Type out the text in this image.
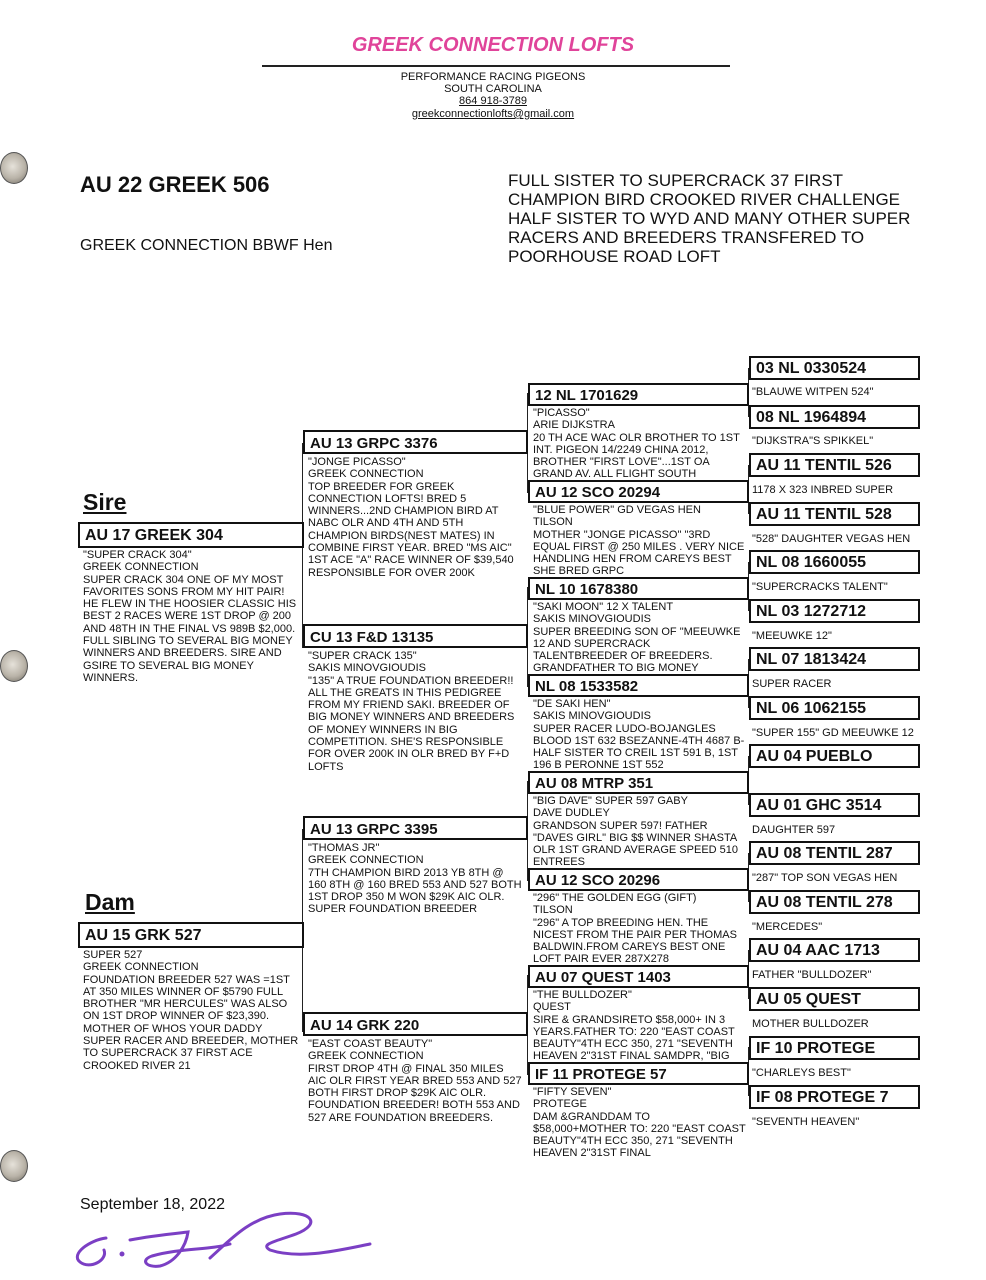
GREEK CONNECTION LOFTS
PERFORMANCE RACING PIGEONS
SOUTH CAROLINA
864 918-3789
greekconnectionlofts@gmail.com
AU 22 GREEK 506
GREEK CONNECTION BBWF Hen
FULL SISTER TO SUPERCRACK 37 FIRST CHAMPION BIRD CROOKED RIVER CHALLENGE HALF SISTER TO WYD AND MANY OTHER SUPER RACERS AND BREEDERS TRANSFERED TO POORHOUSE ROAD LOFT
Sire
Dam
AU 17 GREEK 304
"SUPER CRACK 304"
GREEK CONNECTION
SUPER CRACK 304 ONE OF MY MOST FAVORITES SONS FROM MY HIT PAIR! HE FLEW IN THE HOOSIER CLASSIC HIS BEST 2 RACES WERE 1ST DROP @ 200 AND 48TH IN THE FINAL VS 989B $2,000. FULL SIBLING TO SEVERAL BIG MONEY WINNERS AND BREEDERS. SIRE AND GSIRE TO SEVERAL BIG MONEY WINNERS.
AU 15 GRK 527
SUPER 527
GREEK CONNECTION
FOUNDATION BREEDER 527 WAS =1ST AT 350 MILES WINNER OF $5790 FULL BROTHER "MR HERCULES" WAS ALSO ON 1ST DROP WINNER OF $23,390. MOTHER OF WHOS YOUR DADDY SUPER RACER AND BREEDER, MOTHER TO SUPERCRACK 37 FIRST ACE CROOKED RIVER 21
AU 13 GRPC 3376
"JONGE PICASSO"
GREEK CONNECTION
TOP BREEDER FOR GREEK CONNECTION LOFTS! BRED 5 WINNERS...2ND CHAMPION BIRD AT NABC OLR AND 4TH AND 5TH CHAMPION BIRDS(NEST MATES) IN COMBINE FIRST YEAR. BRED "MS AIC" 1ST ACE "A" RACE WINNER OF $39,540 RESPONSIBLE FOR OVER 200K
CU 13 F&D 13135
"SUPER CRACK 135"
SAKIS MINOVGIOUDIS
"135" A TRUE FOUNDATION BREEDER!! ALL THE GREATS IN THIS PEDIGREE FROM MY FRIEND SAKI. BREEDER OF BIG MONEY WINNERS AND BREEDERS OF MONEY WINNERS IN BIG COMPETITION. SHE'S RESPONSIBLE FOR OVER 200K IN OLR BRED BY F+D LOFTS
AU 13 GRPC 3395
"THOMAS JR"
GREEK CONNECTION
7TH CHAMPION BIRD 2013 YB 8TH @ 160 8TH @ 160 BRED 553 AND 527 BOTH 1ST DROP 350 M WON $29K AIC OLR. SUPER FOUNDATION BREEDER
AU 14 GRK 220
"EAST COAST BEAUTY"
GREEK CONNECTION
FIRST DROP 4TH @ FINAL 350 MILES AIC OLR FIRST YEAR BRED 553 AND 527 BOTH FIRST DROP $29K AIC OLR. FOUNDATION BREEDER! BOTH 553 AND 527 ARE FOUNDATION BREEDERS.
12 NL 1701629
"PICASSO"
ARIE DIJKSTRA
20 TH ACE WAC OLR BROTHER TO 1ST INT. PIGEON 14/2249 CHINA 2012, BROTHER "FIRST LOVE"...1ST OA GRAND AV. ALL FLIGHT SOUTH
AU 12 SCO 20294
"BLUE POWER" GD VEGAS HEN
TILSON
MOTHER "JONGE PICASSO" "3RD EQUAL FIRST @ 250 MILES . VERY NICE HANDLING HEN FROM CAREYS BEST SHE BRED GRPC
NL 10 1678380
"SAKI MOON" 12 X TALENT
SAKIS MINOVGIOUDIS
SUPER BREEDING SON OF "MEEUWKE 12 AND SUPERCRACK TALENTBREEDER OF BREEDERS. GRANDFATHER TO BIG MONEY
NL 08 1533582
"DE SAKI HEN"
SAKIS MINOVGIOUDIS
SUPER RACER LUDO-BOJANGLES BLOOD 1ST 632 BSEZANNE-4TH 4687 B- HALF SISTER TO CREIL 1ST 591 B, 1ST 196 B PERONNE 1ST 552
AU 08 MTRP 351
"BIG DAVE" SUPER 597 GABY
DAVE DUDLEY
GRANDSON SUPER 597! FATHER "DAVES GIRL" BIG $$ WINNER SHASTA OLR 1ST GRAND AVERAGE SPEED 510 ENTREES
AU 12 SCO 20296
"296" THE GOLDEN EGG (GIFT)
TILSON
"296" A TOP BREEDING HEN. THE NICEST FROM THE PAIR PER THOMAS BALDWIN.FROM CAREYS BEST ONE LOFT PAIR EVER 287X278
AU 07 QUEST 1403
"THE BULLDOZER"
QUEST
SIRE & GRANDSIRETO $58,000+ IN 3 YEARS.FATHER TO: 220 "EAST COAST BEAUTY"4TH ECC 350, 271 "SEVENTH HEAVEN 2"31ST FINAL SAMDPR, "BIG
IF 11 PROTEGE 57
"FIFTY SEVEN"
PROTEGE
DAM &GRANDDAM TO $58,000+MOTHER TO: 220 "EAST COAST BEAUTY"4TH ECC 350, 271 "SEVENTH HEAVEN 2"31ST FINAL
03 NL 0330524
"BLAUWE WITPEN 524"
08 NL 1964894
"DIJKSTRA"S SPIKKEL"
AU 11 TENTIL 526
1178 X 323 INBRED SUPER
AU 11 TENTIL 528
"528" DAUGHTER VEGAS HEN
NL 08 1660055
"SUPERCRACKS TALENT"
NL 03 1272712
"MEEUWKE 12"
NL 07 1813424
SUPER RACER
NL 06 1062155
"SUPER 155" GD MEEUWKE 12
AU 04 PUEBLO
AU 01 GHC 3514
DAUGHTER 597
AU 08 TENTIL 287
"287" TOP SON VEGAS HEN
AU 08 TENTIL 278
"MERCEDES"
AU 04 AAC 1713
FATHER "BULLDOZER"
AU 05 QUEST
MOTHER BULLDOZER
IF 10 PROTEGE
"CHARLEYS BEST"
IF 08 PROTEGE 7
"SEVENTH HEAVEN"
September 18, 2022
